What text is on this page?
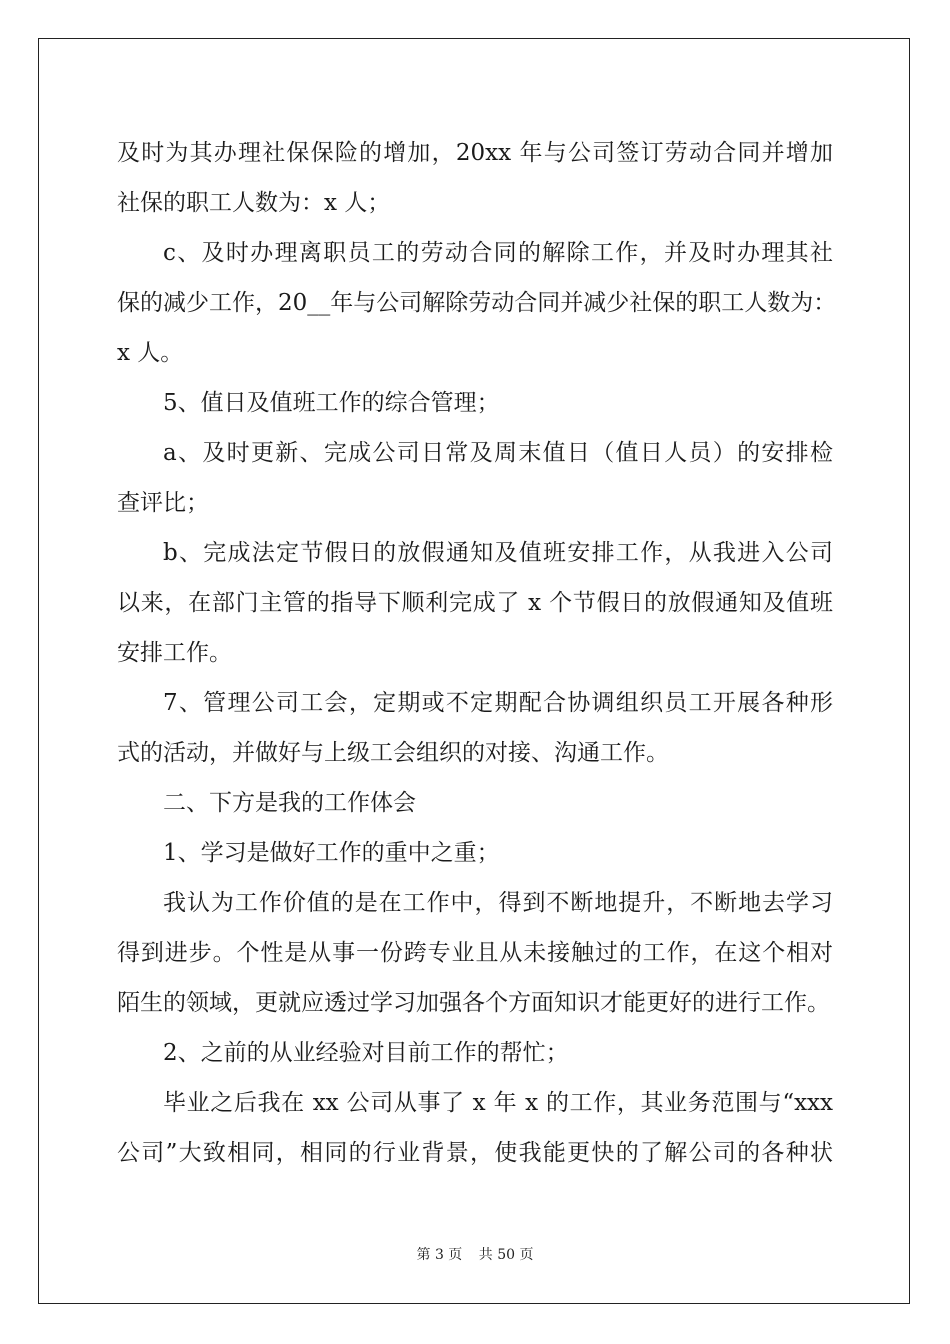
及时为其办理社保保险的增加，20xx 年与公司签订劳动合同并增加
社保的职工人数为：x 人；
c、及时办理离职员工的劳动合同的解除工作，并及时办理其社
保的减少工作，20__年与公司解除劳动合同并减少社保的职工人数为：
x 人。
5、值日及值班工作的综合管理；
a、及时更新、完成公司日常及周末值日（值日人员）的安排检
查评比；
b、完成法定节假日的放假通知及值班安排工作，从我进入公司
以来，在部门主管的指导下顺利完成了 x 个节假日的放假通知及值班
安排工作。
7、管理公司工会，定期或不定期配合协调组织员工开展各种形
式的活动，并做好与上级工会组织的对接、沟通工作。
二、下方是我的工作体会
1、学习是做好工作的重中之重；
我认为工作价值的是在工作中，得到不断地提升，不断地去学习
得到进步。个性是从事一份跨专业且从未接触过的工作，在这个相对
陌生的领域，更就应透过学习加强各个方面知识才能更好的进行工作。
2、之前的从业经验对目前工作的帮忙；
毕业之后我在 xx 公司从事了 x 年 x 的工作，其业务范围与“xxx
公司”大致相同，相同的行业背景，使我能更快的了解公司的各种状
第 3 页 共 50 页
